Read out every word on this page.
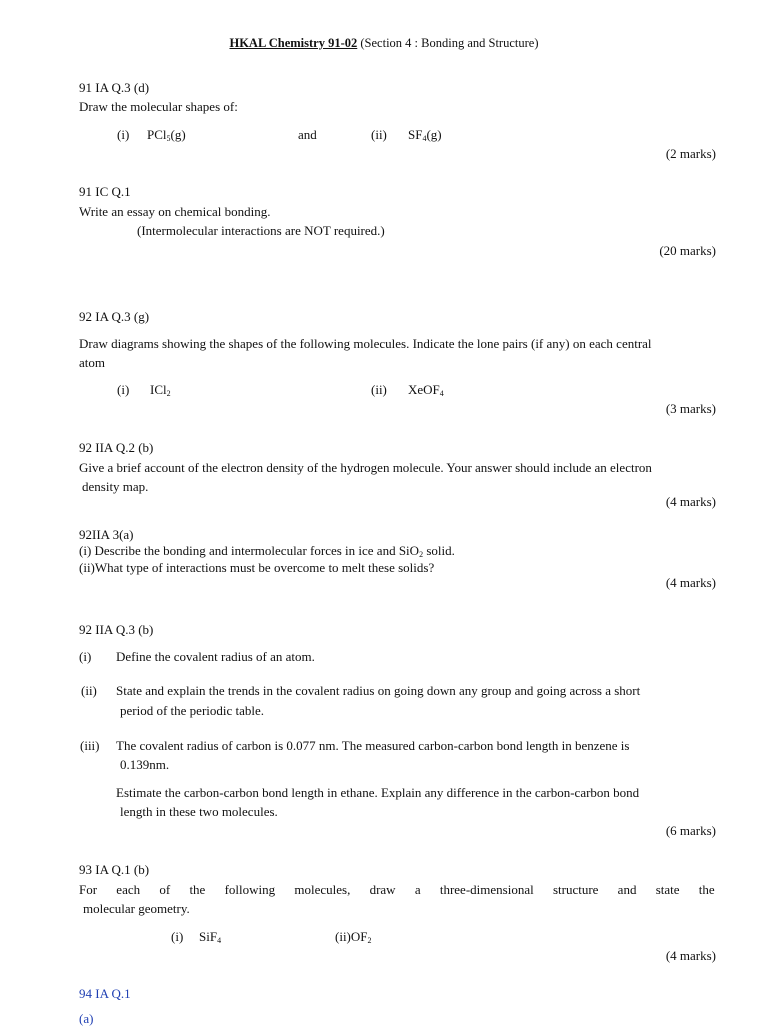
HKAL Chemistry 91-02 (Section 4 : Bonding and Structure)
91 IA Q.3 (d)
Draw the molecular shapes of:
(i) PCl$_5$(g)	and	(ii) $SF_4(g)$
(2 marks)
91 IC Q.1
Write an essay on chemical bonding.
(Intermolecular interactions are NOT required.)
(20 marks)
92 IA Q.3 (g)
Draw diagrams showing the shapes of the following molecules. Indicate the lone pairs (if any) on each central
atom
(i) ICl$_2$	(ii) XeOF$_4$
(3 marks)
92 IIA Q.2 (b)
Give a brief account of the electron density of the hydrogen molecule. Your answer should include an electron
density map.
(4 marks)
92IIA 3(a)
(i) Describe the bonding and intermolecular forces in ice and SiO$_2$ solid.
(ii)What type of interactions must be overcome to melt these solids?
(4 marks)
92 IIA Q.3 (b)
(i) Define the covalent radius of an atom.
(ii) State and explain the trends in the covalent radius on going down any group and going across a short
period of the periodic table.
(iii) The covalent radius of carbon is 0.077 nm. The measured carbon-carbon bond length in benzene is
0.139nm.
Estimate the carbon-carbon bond length in ethane. Explain any difference in the carbon-carbon bond
length in these two molecules.
(6 marks)
93 IA Q.1 (b)
For each of the following molecules, draw a three-dimensional structure and state the
molecular geometry.
(i) SiF$_4$	$(ii)OF_2$
(4 marks)
94 IA Q.1
(a)
